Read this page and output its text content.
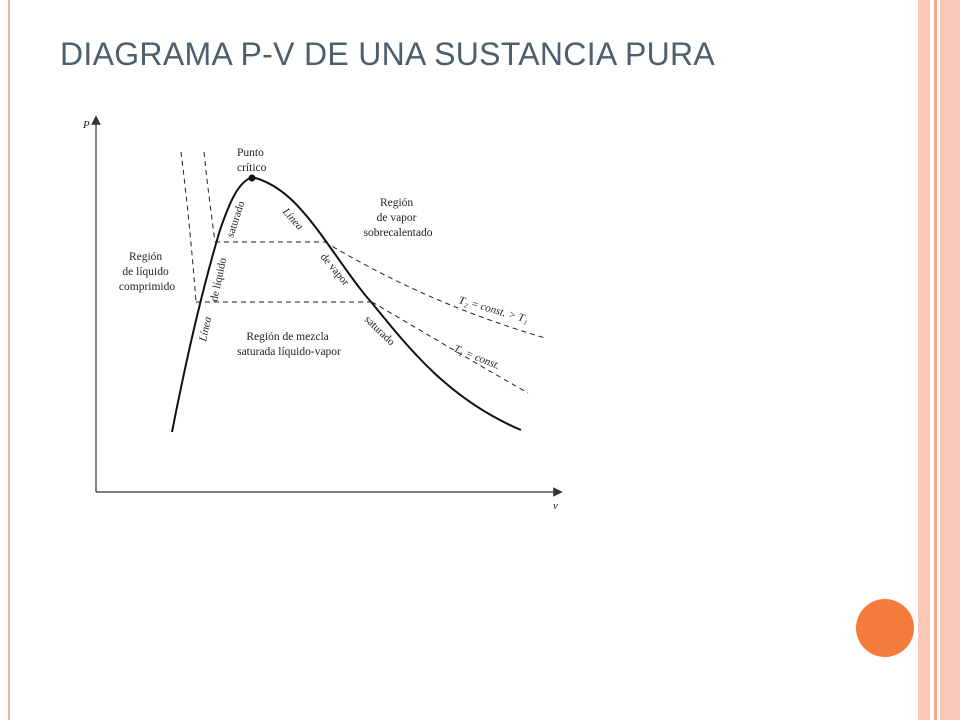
DIAGRAMA P-V DE UNA SUSTANCIA PURA
P
v
Punto crítico
Región de líquido comprimido
Región de vapor sobrecalentado
Región de mezcla saturada líquido-vapor
Línea
de líquido
saturado	Línea
de vapor
saturado
T₂ = const. > T₁
T₁ = const.
